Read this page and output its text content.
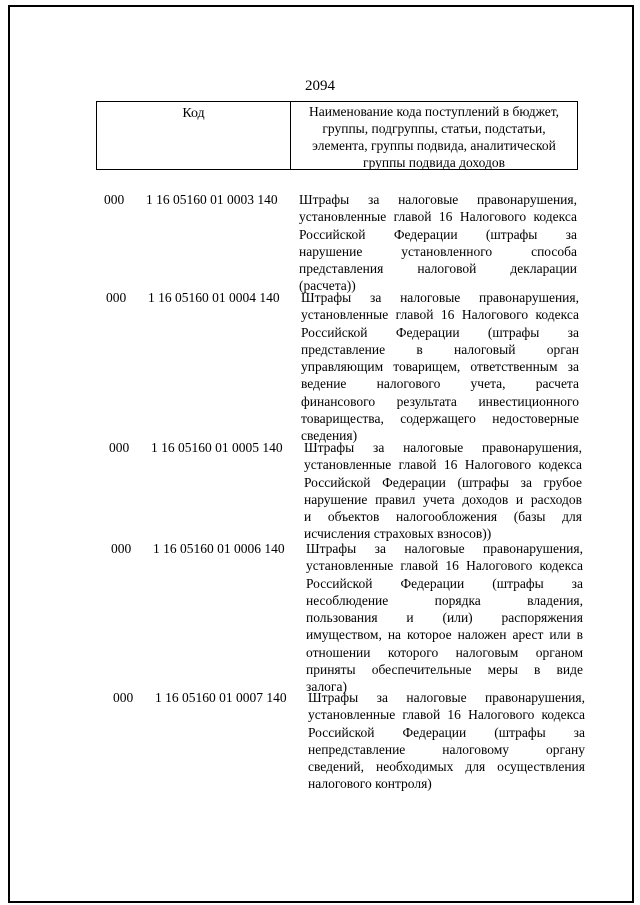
2094
Код	Наименование кода поступлений в бюджет,
группы, подгруппы, статьи, подстатьи,
элемента, группы подвида, аналитической
группы подвида доходов
000 1 16 05160 01 0003 140 Штрафы за налоговые правонарушения,
установленные главой 16 Налогового кодекса
Российской Федерации (штрафы за
нарушение установленного способа
представления налоговой декларации
(расчета))
000 1 16 05160 01 0004 140 Штрафы за налоговые правонарушения,
установленные главой 16 Налогового кодекса
Российской Федерации (штрафы за
представление в налоговый орган
управляющим товарищем, ответственным за
ведение налогового учета, расчета
финансового результата инвестиционного
товарищества, содержащего недостоверные
сведения)
000 1 16 05160 01 0005 140 Штрафы за налоговые правонарушения,
установленные главой 16 Налогового кодекса
Российской Федерации (штрафы за грубое
нарушение правил учета доходов и расходов
и объектов налогообложения (базы для
исчисления страховых взносов))
000 1 16 05160 01 0006 140 Штрафы за налоговые правонарушения,
установленные главой 16 Налогового кодекса
Российской Федерации (штрафы за
несоблюдение порядка владения,
пользования и (или) распоряжения
имуществом, на которое наложен арест или в
отношении которого налоговым органом
приняты обеспечительные меры в виде
залога)
000 1 16 05160 01 0007 140 Штрафы за налоговые правонарушения,
установленные главой 16 Налогового кодекса
Российской Федерации (штрафы за
непредставление налоговому органу
сведений, необходимых для осуществления
налогового контроля)
